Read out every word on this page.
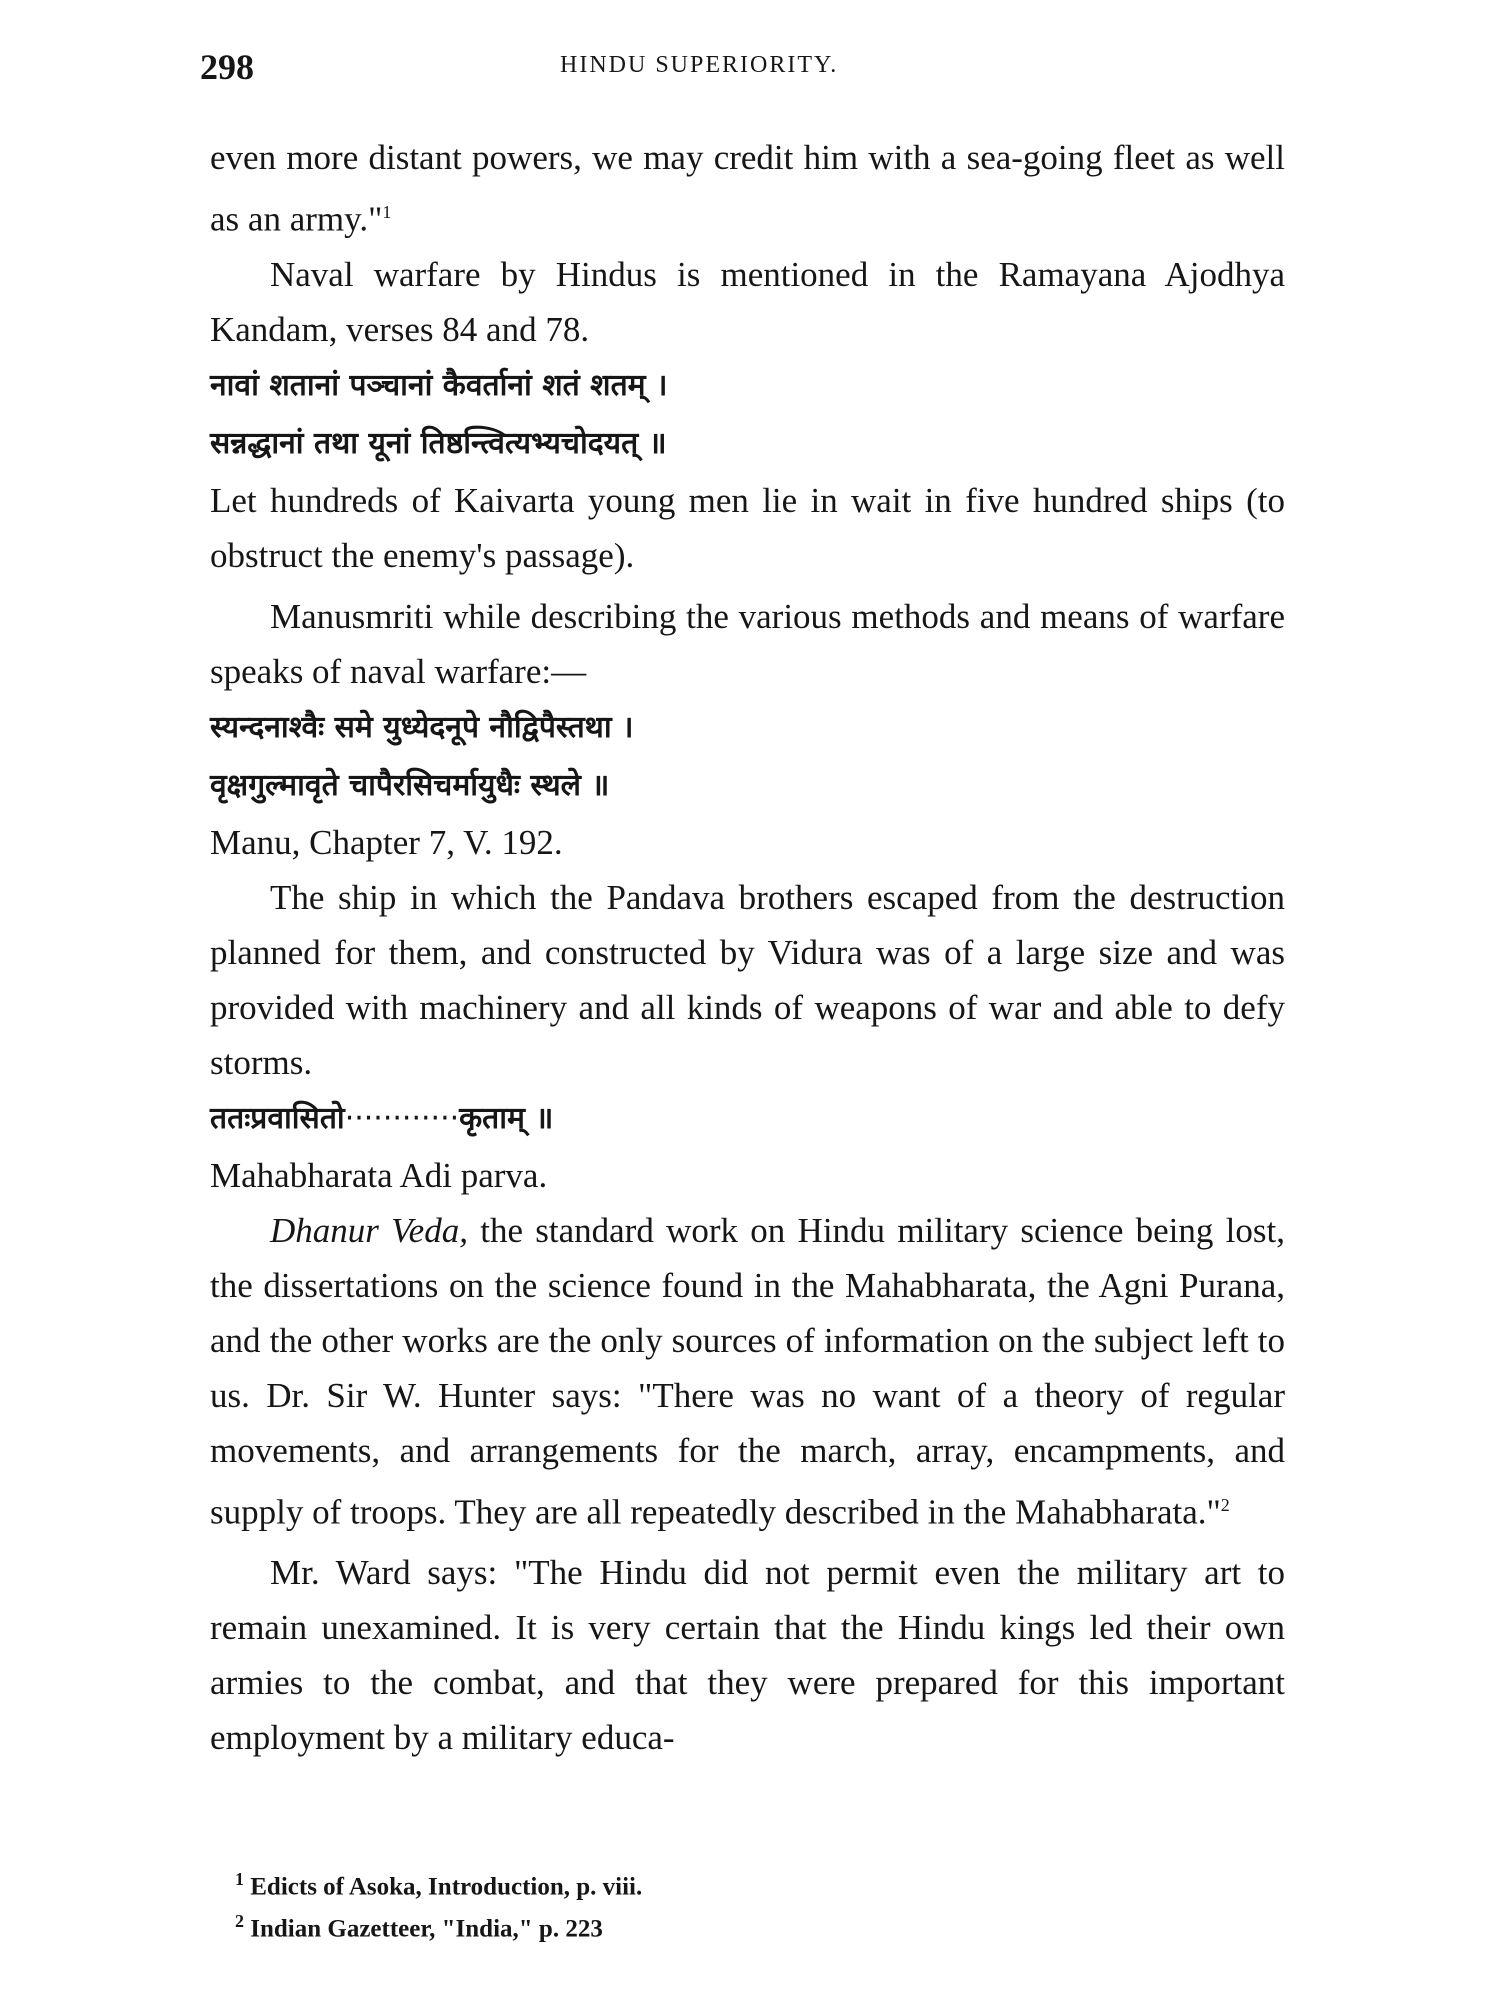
298	HINDU SUPERIORITY.

even more distant powers, we may credit him with a sea-going fleet as well as an army."$^1$

Naval warfare by Hindus is mentioned in the Ramayana Ajodhya Kandam, verses 84 and 78.

नावां शतानां पञ्चानां कैवर्तानां शतं शतम् ।

सन्नद्धानां तथा यूनां तिष्ठन्त्वित्यभ्यचोदयत् ॥

Let hundreds of Kaivarta young men lie in wait in five hundred ships (to obstruct the enemy's passage).

Manusmriti while describing the various methods and means of warfare speaks of naval warfare:—

स्यन्दनाश्वैः समे युध्येदनूपे नौद्विपैस्तथा ।

वृक्षगुल्मावृते चापैरसिचर्मायुधैः स्थले ॥

Manu, Chapter 7, V. 192.

The ship in which the Pandava brothers escaped from the destruction planned for them, and constructed by Vidura was of a large size and was provided with machinery and all kinds of weapons of war and able to defy storms.

ततःप्रवासितो············कृताम् ॥

Mahabharata Adi parva.

Dhanur Veda, the standard work on Hindu military science being lost, the dissertations on the science found in the Mahabharata, the Agni Purana, and the other works are the only sources of information on the subject left to us. Dr. Sir W. Hunter says: "There was no want of a theory of regular movements, and arrangements for the march, array, encampments, and supply of troops. They are all repeatedly described in the Mahabharata."$^2$

Mr. Ward says: "The Hindu did not permit even the military art to remain unexamined. It is very certain that the Hindu kings led their own armies to the combat, and that they were prepared for this important employment by a military educa-

$^1$ Edicts of Asoka, Introduction, p. viii.

$^2$ Indian Gazetteer, "India," p. 223
